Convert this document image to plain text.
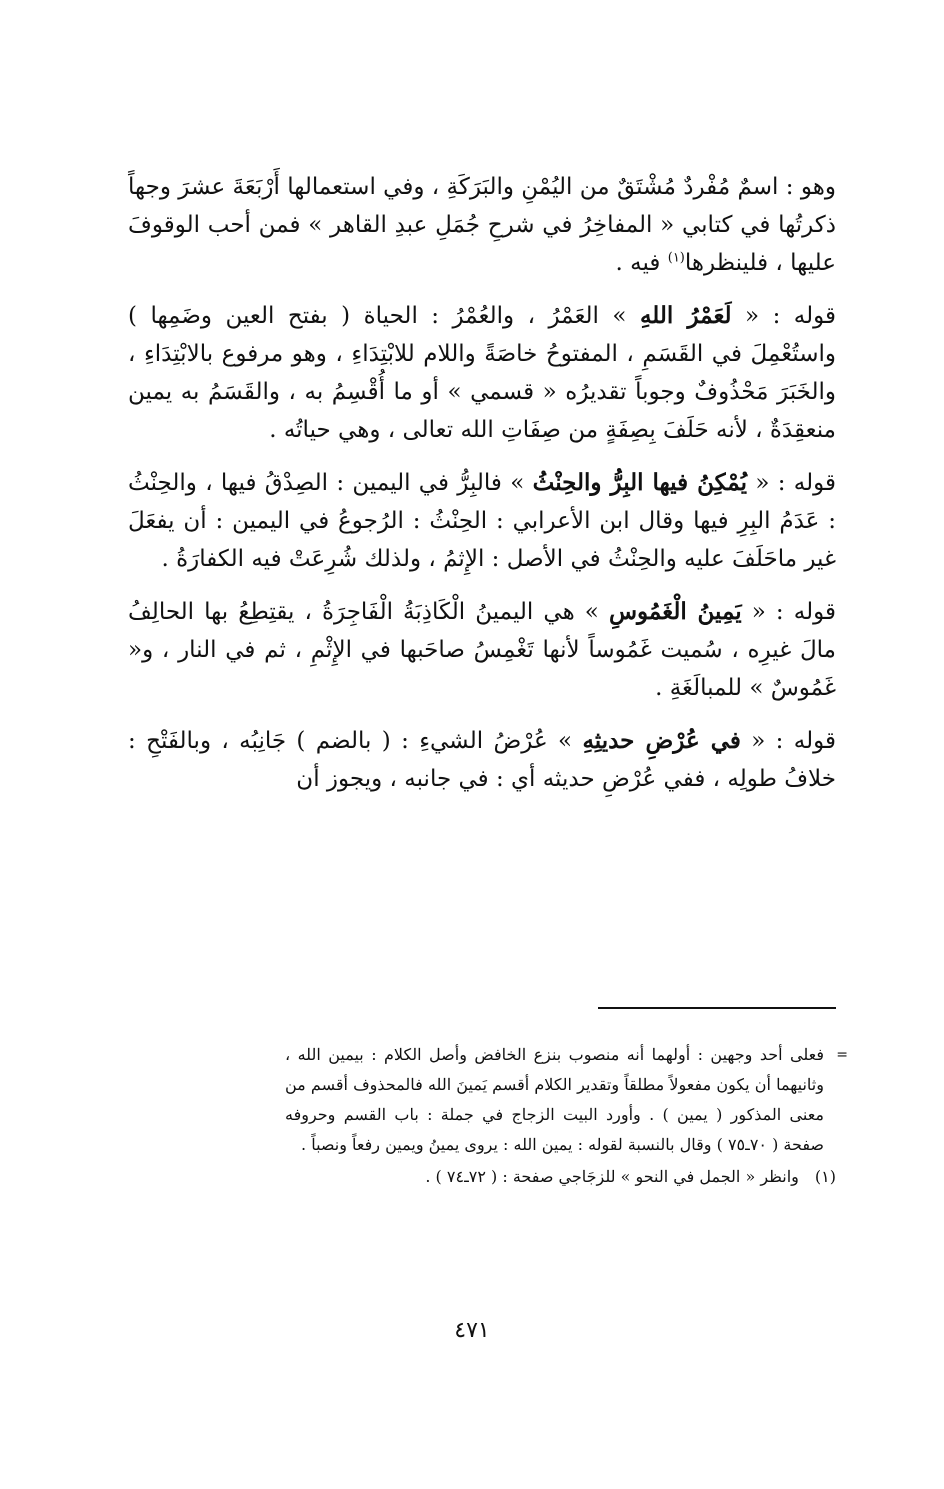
وهو : اسمٌ مُفْردٌ مُشْتَقٌ من اليُمْنِ والبَرَكَةِ ، وفي استعمالها أَرْبَعَةَ عشرَ وجهاً ذكرتُها في كتابي « المفاخِرُ في شرحِ جُمَلِ عبدِ القاهر » فمن أحب الوقوفَ عليها ، فلينظرها$^{(١)}$ فيه .

قوله : « لَعَمْرُ اللهِ » العَمْرُ ، والعُمْرُ : الحياة ( بفتح العين وضَمِها ) واستُعْمِلَ في القَسَمِ ، المفتوحُ خاصَةً واللام للابْتِدَاءِ ، وهو مرفوع بالابْتِدَاءِ ، والخَبَرَ مَحْذُوفٌ وجوباً تقديرُه « قسمي » أو ما أُقْسِمُ به ، والقَسَمُ به يمين منعقِدَةٌ ، لأنه حَلَفَ بِصِفَةٍ من صِفَاتِ الله تعالى ، وهي حياتُه .

قوله : « يُمْكِنُ فيها البِرُّ والحِنْثُ » فالبِرُّ في اليمين : الصِدْقُ فيها ، والحِنْثُ : عَدَمُ البِرِ فيها وقال ابن الأعرابي : الحِنْثُ : الرُجوعُ في اليمين : أن يفعَلَ غير ماحَلَفَ عليه والحِنْثُ في الأصل : الإِثمُ ، ولذلك شُرِعَتْ فيه الكفارَةُ .

قوله : « يَمِينُ الْغَمُوسِ » هي اليمينُ الْكَاذِبَةُ الْفَاجِرَةُ ، يقتِطِعُ بها الحالِفُ مالَ غيرِه ، سُميت غَمُوساً لأنها تَغْمِسُ صاحَبها في الإِثْمِ ، ثم في النار ، و« غَمُوسٌ » للمبالَغَةِ .

قوله : « في عُرْضِ حديثِهِ » عُرْضُ الشيءِ : ( بالضم ) جَانِبُه ، وبالفَتْحِ : خلافُ طولِه ، ففي عُرْضِ حديثه أي : في جانبه ، ويجوز أن

=
فعلى أحد وجهين : أولهما أنه منصوب بنزع الخافض وأصل الكلام : بيمين الله ، وثانيهما أن يكون مفعولاً مطلقاً وتقدير الكلام أقسم يَمينَ الله فالمحذوف أقسم من معنى المذكور ( يمين ) . وأورد البيت الزجاج في جملة : باب القسم وحروفه صفحة ( ٧٠ـ٧٥ ) وقال بالنسبة لقوله : يمين الله : يروى يمينُ ويمين رفعاً ونصباً .

(١)وانظر « الجمل في النحو » للزجَاجي صفحة : ( ٧٢ـ٧٤ ) .

٤٧١
